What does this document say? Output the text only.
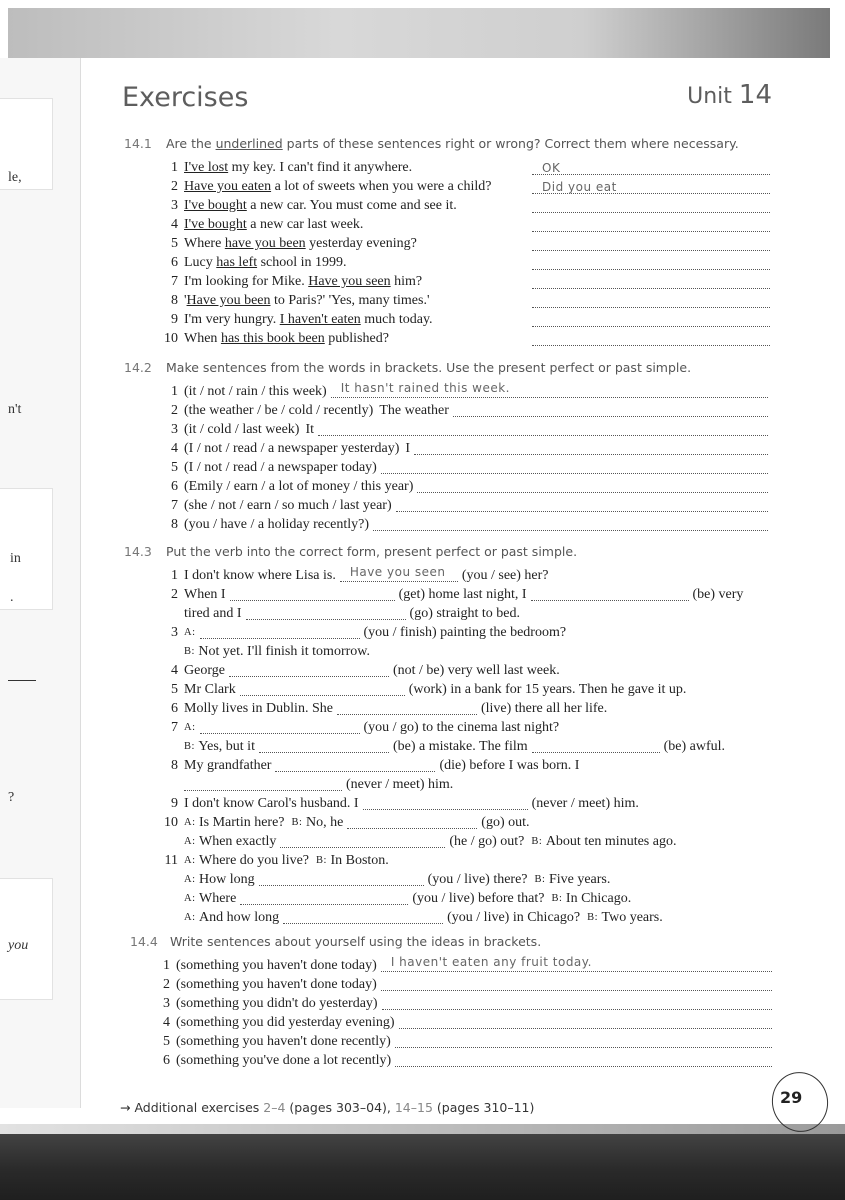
le,
n't
in
.
?
you
Exercises	Unit 14
14.1 Are the underlined parts of these sentences right or wrong? Correct them where necessary.
1 I've lost my key. I can't find it anywhere.	OK
2 Have you eaten a lot of sweets when you were a child?	Did you eat
3 I've bought a new car. You must come and see it.
4 I've bought a new car last week.
5 Where have you been yesterday evening?
6 Lucy has left school in 1999.
7 I'm looking for Mike. Have you seen him?
8 'Have you been to Paris?' 'Yes, many times.'
9 I'm very hungry. I haven't eaten much today.
10 When has this book been published?
14.2 Make sentences from the words in brackets. Use the present perfect or past simple.
1 (it / not / rain / this week) It hasn't rained this week.
2 (the weather / be / cold / recently) The weather
3 (it / cold / last week) It
4 (I / not / read / a newspaper yesterday) I
5 (I / not / read / a newspaper today)
6 (Emily / earn / a lot of money / this year)
7 (she / not / earn / so much / last year)
8 (you / have / a holiday recently?)
14.3 Put the verb into the correct form, present perfect or past simple.
1 I don't know where Lisa is. Have you seen (you / see) her?
2 When I	(get) home last night, I	(be) very
tired and I	(go) straight to bed.
3 A:	(you / finish) painting the bedroom?
B:
Not yet. I'll finish it tomorrow.
4 George	(not / be) very well last week.
5 Mr Clark	(work) in a bank for 15 years. Then he gave it up.
6 Molly lives in Dublin. She	(live) there all her life.
7 A:	(you / go) to the cinema last night?
B:
Yes, but it	(be) a mistake. The film	(be) awful.
8 My grandfather	(die) before I was born. I
(never / meet) him.
9 I don't know Carol's husband. I	(never / meet) him.
10 A:
Is Martin here?
B:
No, he	(go) out.
A:
When exactly	(he / go) out?
B:
About ten minutes ago.
11 A:
Where do you live?
B:
In Boston.
A:
How long	(you / live) there?
B:
Five years.
A:
Where	(you / live) before that?
B:
In Chicago.
A:
And how long	(you / live) in Chicago?
B:
Two years.
14.4 Write sentences about yourself using the ideas in brackets.
1 (something you haven't done today) I haven't eaten any fruit today.
2 (something you haven't done today)
3 (something you didn't do yesterday)
4 (something you did yesterday evening)
5 (something you haven't done recently)
6 (something you've done a lot recently)
→ Additional exercises 2–4 (pages 303–04), 14–15 (pages 310–11)
29
